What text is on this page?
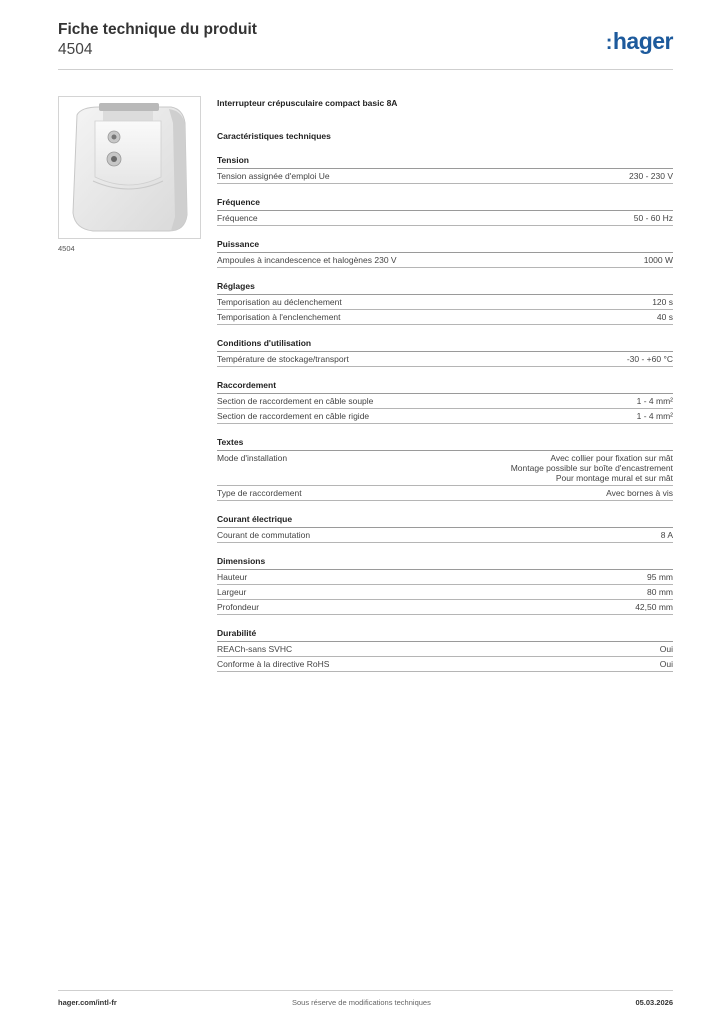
Fiche technique du produit
4504	:hager
4504
Interrupteur crépusculaire compact basic 8A
Caractéristiques techniques
Tension
Tension assignée d'emploi Ue	230 - 230 V
Fréquence
Fréquence	50 - 60 Hz
Puissance
Ampoules à incandescence et halogènes 230 V	1000 W
Réglages
Temporisation au déclenchement	120 s
Temporisation à l'enclenchement	40 s
Conditions d'utilisation
Température de stockage/transport	-30 - +60 °C
Raccordement
Section de raccordement en câble souple	1 - 4 mm²
Section de raccordement en câble rigide	1 - 4 mm²
Textes
Mode d'installation	Avec collier pour fixation sur mât
Montage possible sur boîte d'encastrement
Pour montage mural et sur mât
Type de raccordement	Avec bornes à vis
Courant électrique
Courant de commutation	8 A
Dimensions
Hauteur	95 mm
Largeur	80 mm
Profondeur	42,50 mm
Durabilité
REACh-sans SVHC	Oui
Conforme à la directive RoHS	Oui
hager.com/intl-fr	Sous réserve de modifications techniques	05.03.2026
